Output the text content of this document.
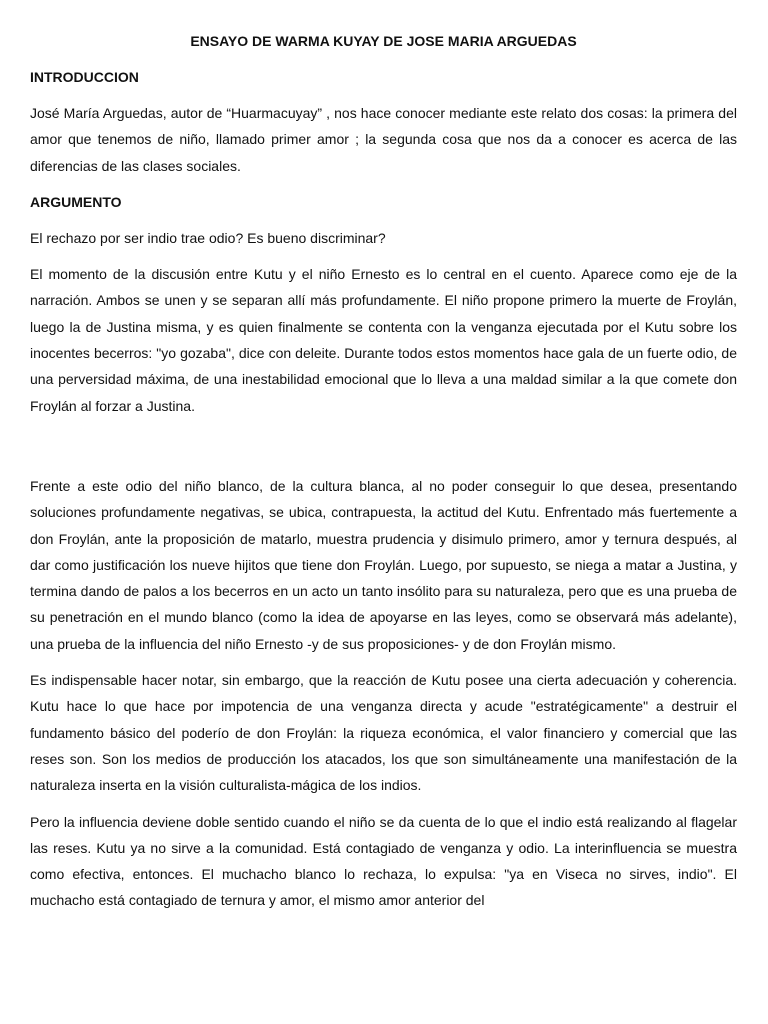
ENSAYO DE WARMA KUYAY DE JOSE MARIA ARGUEDAS
INTRODUCCION

José María Arguedas, autor de “Huarmacuyay” , nos hace conocer mediante este relato dos cosas: la primera del amor que tenemos de niño, llamado primer amor ; la segunda cosa que nos da a conocer es acerca de las diferencias de las clases sociales.

ARGUMENTO

El rechazo por ser indio trae odio? Es bueno discriminar?

El momento de la discusión entre Kutu y el niño Ernesto es lo central en el cuento. Aparece como eje de la narración. Ambos se unen y se separan allí más profundamente. El niño propone primero la muerte de Froylán, luego la de Justina misma, y es quien finalmente se contenta con la venganza ejecutada por el Kutu sobre los inocentes becerros: "yo gozaba", dice con deleite. Durante todos estos momentos hace gala de un fuerte odio, de una perversidad máxima, de una inestabilidad emocional que lo lleva a una maldad similar a la que comete don Froylán al forzar a Justina.

Frente a este odio del niño blanco, de la cultura blanca, al no poder conseguir lo que desea, presentando soluciones profundamente negativas, se ubica, contrapuesta, la actitud del Kutu. Enfrentado más fuertemente a don Froylán, ante la proposición de matarlo, muestra prudencia y disimulo primero, amor y ternura después, al dar como justificación los nueve hijitos que tiene don Froylán. Luego, por supuesto, se niega a matar a Justina, y termina dando de palos a los becerros en un acto un tanto insólito para su naturaleza, pero que es una prueba de su penetración en el mundo blanco (como la idea de apoyarse en las leyes, como se observará más adelante), una prueba de la influencia del niño Ernesto -y de sus proposiciones- y de don Froylán mismo.

Es indispensable hacer notar, sin embargo, que la reacción de Kutu posee una cierta adecuación y coherencia. Kutu hace lo que hace por impotencia de una venganza directa y acude "estratégicamente" a destruir el fundamento básico del poderío de don Froylán: la riqueza económica, el valor financiero y comercial que las reses son. Son los medios de producción los atacados, los que son simultáneamente una manifestación de la naturaleza inserta en la visión culturalista-mágica de los indios.

Pero la influencia deviene doble sentido cuando el niño se da cuenta de lo que el indio está realizando al flagelar las reses. Kutu ya no sirve a la comunidad. Está contagiado de venganza y odio. La interinfluencia se muestra como efectiva, entonces. El muchacho blanco lo rechaza, lo expulsa: "ya en Viseca no sirves, indio". El muchacho está contagiado de ternura y amor, el mismo amor anterior del
